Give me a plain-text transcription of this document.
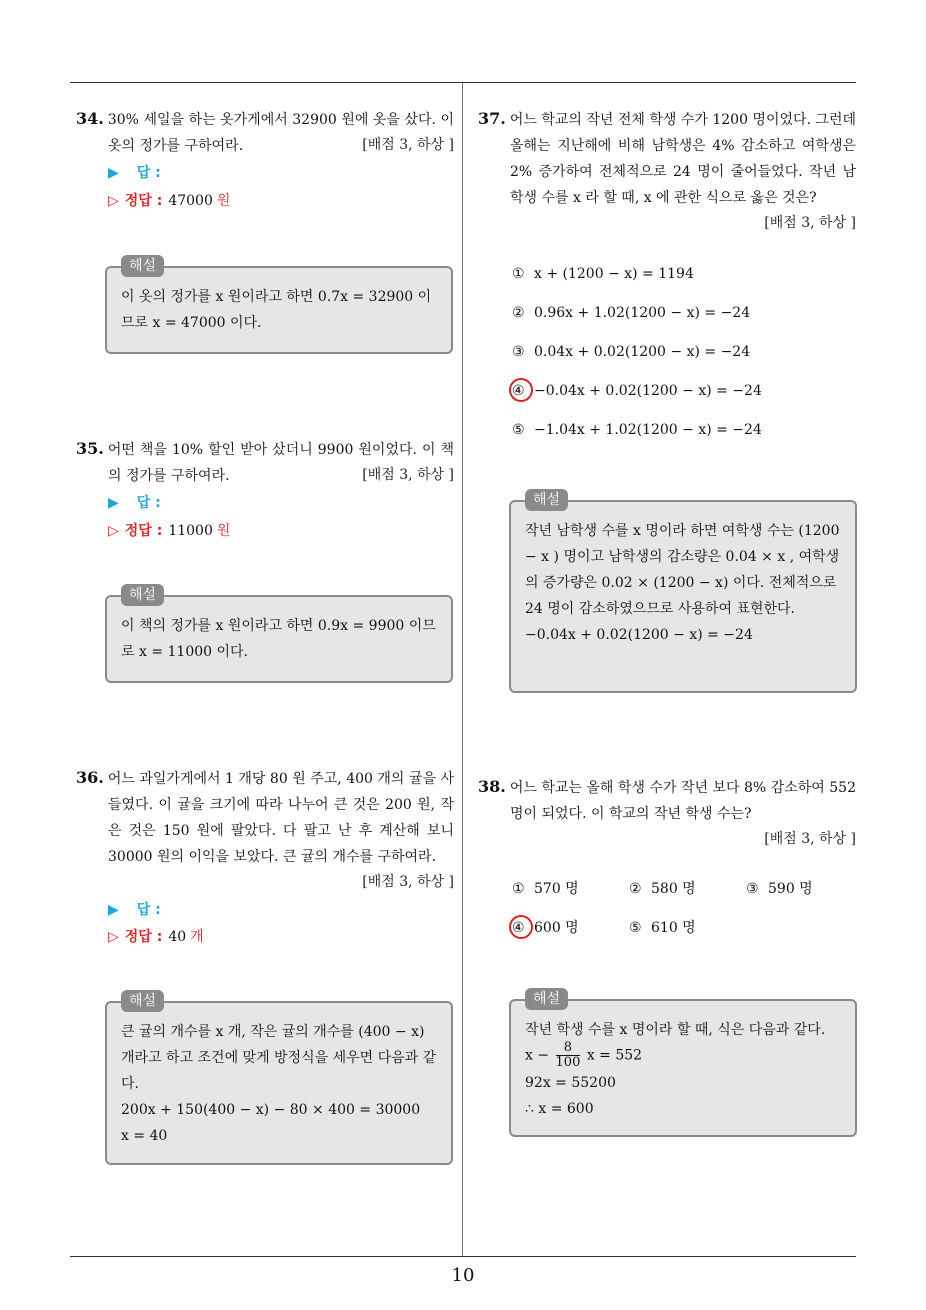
34. 30% 세일을 하는 옷가게에서 32900 원에 옷을 샀다. 이 옷의 정가를 구하여라.	[배점 3, 하상 ]
▶ 답 :
▷ 정답 : 47000 원
해설

이 옷의 정가를 x 원이라고 하면 0.7x = 32900 이므로 x = 47000 이다.

35. 어떤 책을 10% 할인 받아 샀더니 9900 원이었다. 이 책의 정가를 구하여라.	[배점 3, 하상 ]
▶ 답 :
▷ 정답 : 11000 원
해설

이 책의 정가를 x 원이라고 하면 0.9x = 9900 이므로 x = 11000 이다.

36. 어느 과일가게에서 1 개당 80 원 주고, 400 개의 귤을 사들였다. 이 귤을 크기에 따라 나누어 큰 것은 200 원, 작은 것은 150 원에 팔았다. 다 팔고 난 후 계산해 보니 30000 원의 이익을 보았다. 큰 귤의 개수를 구하여라.
[배점 3, 하상 ]
▶ 답 :
▷ 정답 : 40 개
해설

큰 귤의 개수를 x 개, 작은 귤의 개수를 (400 − x) 개라고 하고 조건에 맞게 방정식을 세우면 다음과 같다.

200x + 150(400 − x) − 80 × 400 = 30000

x = 40

37. 어느 학교의 작년 전체 학생 수가 1200 명이었다. 그런데 올해는 지난해에 비해 남학생은 4% 감소하고 여학생은 2% 증가하여 전체적으로 24 명이 줄어들었다. 작년 남학생 수를 x 라 할 때, x 에 관한 식으로 옳은 것은?
[배점 3, 하상 ]
① x + (1200 − x) = 1194
② 0.96x + 1.02(1200 − x) = −24
③ 0.04x + 0.02(1200 − x) = −24
④ −0.04x + 0.02(1200 − x) = −24
⑤ −1.04x + 1.02(1200 − x) = −24
해설

작년 남학생 수를 x 명이라 하면 여학생 수는 (1200 − x ) 명이고 남학생의 감소량은 0.04 × x , 여학생의 증가량은 0.02 × (1200 − x) 이다. 전체적으로 24 명이 감소하였으므로 사용하여 표현한다.

−0.04x + 0.02(1200 − x) = −24

38. 어느 학교는 올해 학생 수가 작년 보다 8% 감소하여 552 명이 되었다. 이 학교의 작년 학생 수는?
[배점 3, 하상 ]
① 570 명	② 580 명	③ 590 명
④ 600 명	⑤ 610 명
해설

작년 학생 수를 x 명이라 할 때, 식은 다음과 같다.

$x - \frac{8}{100}$ x = 552

92x = 55200

∴ x = 600

10
